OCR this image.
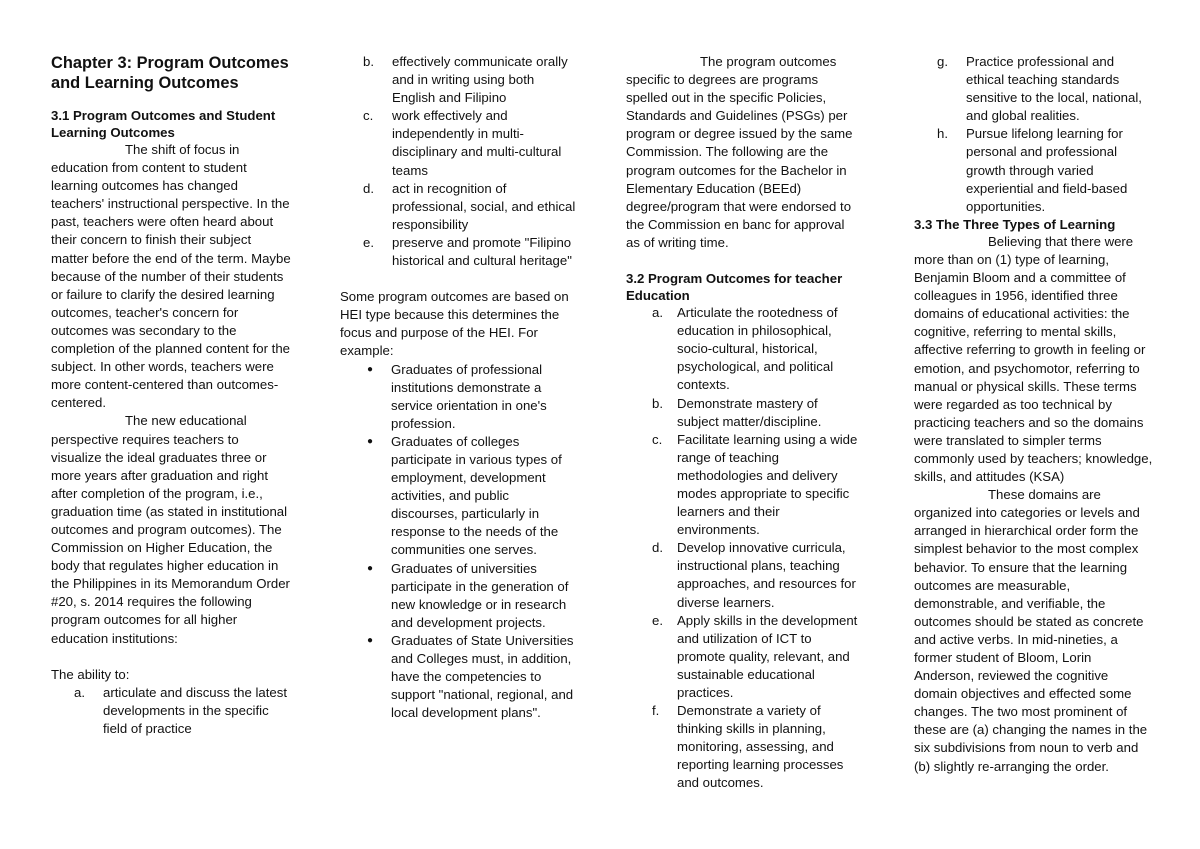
Chapter 3: Program Outcomes and Learning Outcomes
3.1 Program Outcomes and Student Learning Outcomes

The shift of focus in education from content to student learning outcomes has changed teachers' instructional perspective. In the past, teachers were often heard about their concern to finish their subject matter before the end of the term. Maybe because of the number of their students or failure to clarify the desired learning outcomes, teacher's concern for outcomes was secondary to the completion of the planned content for the subject. In other words, teachers were more content-centered than outcomes-centered.

The new educational perspective requires teachers to visualize the ideal graduates three or more years after graduation and right after completion of the program, i.e., graduation time (as stated in institutional outcomes and program outcomes). The Commission on Higher Education, the body that regulates higher education in the Philippines in its Memorandum Order #20, s. 2014 requires the following program outcomes for all higher education institutions:

The ability to:

a. articulate and discuss the latest developments in the specific field of practice
b. effectively communicate orally and in writing using both English and Filipino
c. work effectively and independently in multi-disciplinary and multi-cultural teams
d. act in recognition of professional, social, and ethical responsibility
e. preserve and promote "Filipino historical and cultural heritage"

Some program outcomes are based on HEI type because this determines the focus and purpose of the HEI. For example:

● Graduates of professional institutions demonstrate a service orientation in one's profession.
● Graduates of colleges participate in various types of employment, development activities, and public discourses, particularly in response to the needs of the communities one serves.
● Graduates of universities participate in the generation of new knowledge or in research and development projects.
● Graduates of State Universities and Colleges must, in addition, have the competencies to support "national, regional, and local development plans".

The program outcomes specific to degrees are programs spelled out in the specific Policies, Standards and Guidelines (PSGs) per program or degree issued by the same Commission. The following are the program outcomes for the Bachelor in Elementary Education (BEEd) degree/program that were endorsed to the Commission en banc for approval as of writing time.

3.2 Program Outcomes for teacher Education
a. Articulate the rootedness of education in philosophical, socio-cultural, historical, psychological, and political contexts.
b. Demonstrate mastery of subject matter/discipline.
c. Facilitate learning using a wide range of teaching methodologies and delivery modes appropriate to specific learners and their environments.
d. Develop innovative curricula, instructional plans, teaching approaches, and resources for diverse learners.
e. Apply skills in the development and utilization of ICT to promote quality, relevant, and sustainable educational practices.
f. Demonstrate a variety of thinking skills in planning, monitoring, assessing, and reporting learning processes and outcomes.
g. Practice professional and ethical teaching standards sensitive to the local, national, and global realities.
h. Pursue lifelong learning for personal and professional growth through varied experiential and field-based opportunities.
3.3 The Three Types of Learning

Believing that there were more than on (1) type of learning, Benjamin Bloom and a committee of colleagues in 1956, identified three domains of educational activities: the cognitive, referring to mental skills, affective referring to growth in feeling or emotion, and psychomotor, referring to manual or physical skills. These terms were regarded as too technical by practicing teachers and so the domains were translated to simpler terms commonly used by teachers; knowledge, skills, and attitudes (KSA)

These domains are organized into categories or levels and arranged in hierarchical order form the simplest behavior to the most complex behavior. To ensure that the learning outcomes are measurable, demonstrable, and verifiable, the outcomes should be stated as concrete and active verbs. In mid-nineties, a former student of Bloom, Lorin Anderson, reviewed the cognitive domain objectives and effected some changes. The two most prominent of these are (a) changing the names in the six subdivisions from noun to verb and (b) slightly re-arranging the order.
